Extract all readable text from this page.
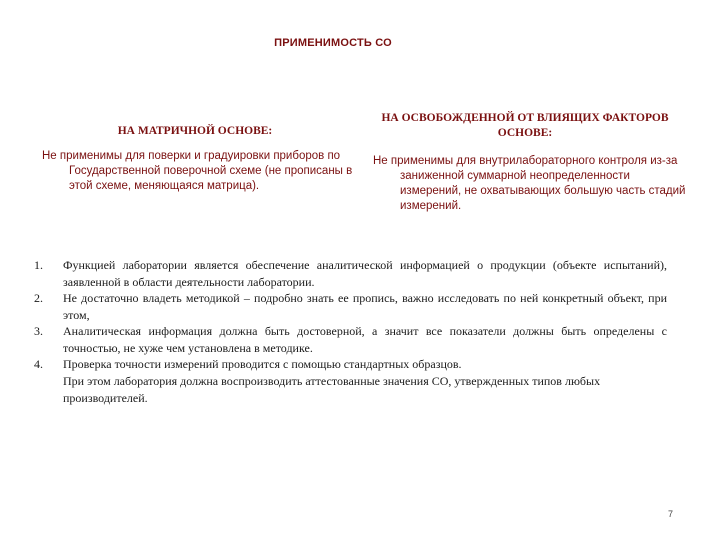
ПРИМЕНИМОСТЬ СО
НА МАТРИЧНОЙ ОСНОВЕ:

Не применимы для поверки и градуировки приборов по Государственной поверочной схеме (не прописаны в этой схеме, меняющаяся матрица).

НА ОСВОБОЖДЕННОЙ ОТ ВЛИЯЩИХ ФАКТОРОВ ОСНОВЕ:

Не применимы для внутрилабораторного контроля из-за заниженной суммарной неопределенности измерений, не охватывающих большую часть стадий измерений.

1. Функцией лаборатории является обеспечение аналитической информацией о продукции (объекте испытаний), заявленной в области деятельности лаборатории.
2. Не достаточно владеть методикой – подробно знать ее пропись, важно исследовать по ней конкретный объект, при этом,
3. Аналитическая информация должна быть достоверной, а значит все показатели должны быть определены с точностью, не хуже чем установлена в методике.
4. Проверка точности измерений проводится с помощью стандартных образцов.

При этом лаборатория должна воспроизводить аттестованные значения СО, утвержденных типов любых производителей.

7
